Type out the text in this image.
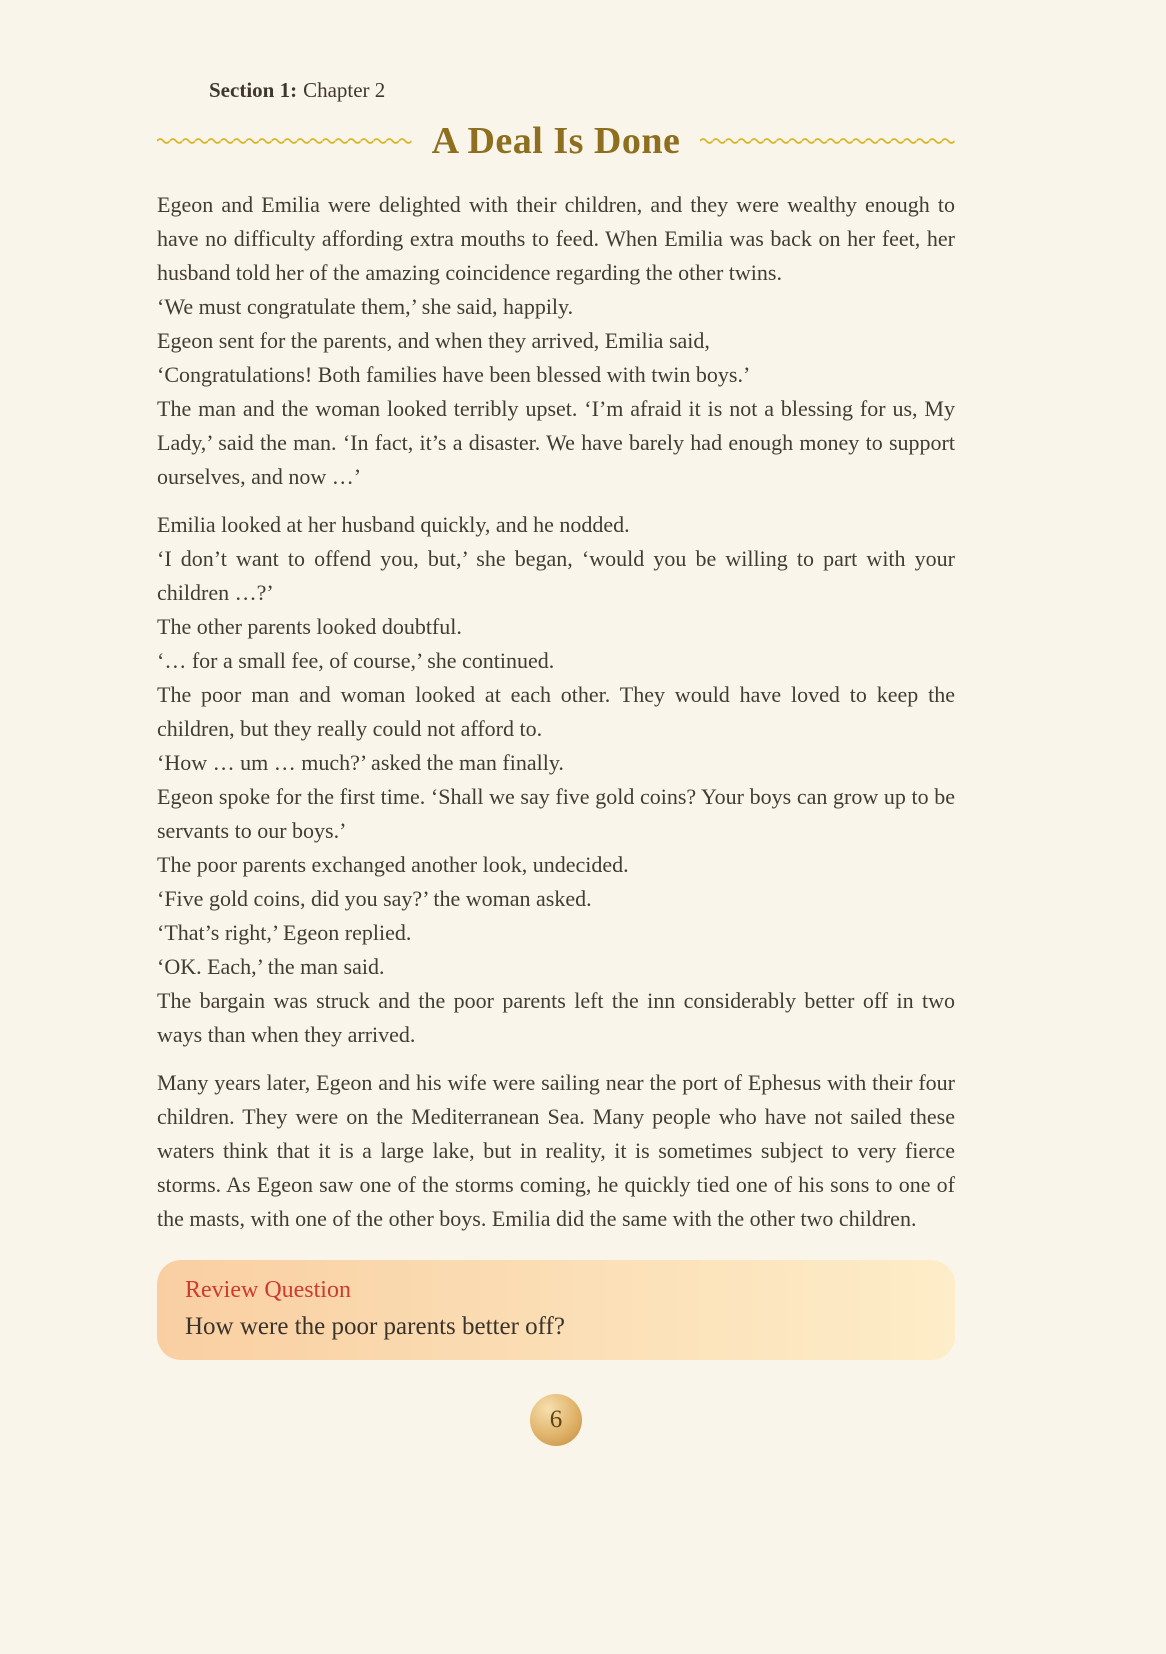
Section 1: Chapter 2
A Deal Is Done

Egeon and Emilia were delighted with their children, and they were wealthy enough to have no difficulty affording extra mouths to feed. When Emilia was back on her feet, her husband told her of the amazing coincidence regarding the other twins.

‘We must congratulate them,’ she said, happily.

Egeon sent for the parents, and when they arrived, Emilia said,

‘Congratulations! Both families have been blessed with twin boys.’

The man and the woman looked terribly upset. ‘I’m afraid it is not a blessing for us, My Lady,’ said the man. ‘In fact, it’s a disaster. We have barely had enough money to support ourselves, and now …’

Emilia looked at her husband quickly, and he nodded.

‘I don’t want to offend you, but,’ she began, ‘would you be willing to part with your children …?’

The other parents looked doubtful.

‘… for a small fee, of course,’ she continued.

The poor man and woman looked at each other. They would have loved to keep the children, but they really could not afford to.

‘How … um … much?’ asked the man finally.

Egeon spoke for the first time. ‘Shall we say five gold coins? Your boys can grow up to be servants to our boys.’

The poor parents exchanged another look, undecided.

‘Five gold coins, did you say?’ the woman asked.

‘That’s right,’ Egeon replied.

‘OK. Each,’ the man said.

The bargain was struck and the poor parents left the inn considerably better off in two ways than when they arrived.

Many years later, Egeon and his wife were sailing near the port of Ephesus with their four children. They were on the Mediterranean Sea. Many people who have not sailed these waters think that it is a large lake, but in reality, it is sometimes subject to very fierce storms. As Egeon saw one of the storms coming, he quickly tied one of his sons to one of the masts, with one of the other boys. Emilia did the same with the other two children.

Review Question
How were the poor parents better off?
6
